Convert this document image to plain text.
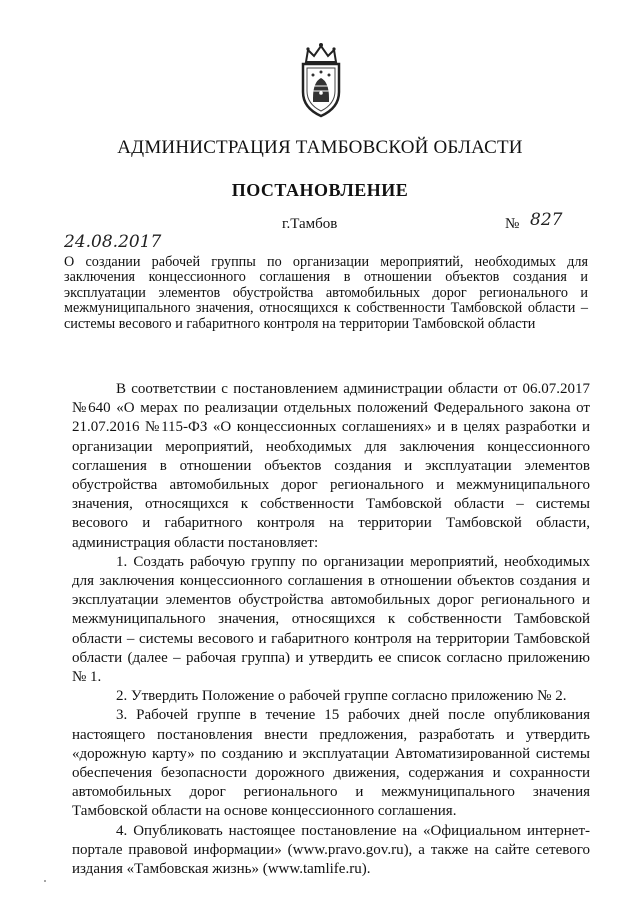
АДМИНИСТРАЦИЯ ТАМБОВСКОЙ ОБЛАСТИ
ПОСТАНОВЛЕНИЕ
г.Тамбов	№ 827
24.08.2017
О создании рабочей группы по организации мероприятий, необходимых для заключения концессионного соглашения в отношении объектов создания и эксплуатации элементов обустройства автомобильных дорог регионального и межмуниципального значения, относящихся к собственности Тамбовской области – системы весового и габаритного контроля на территории Тамбовской области

В соответствии с постановлением администрации области от 06.07.2017 №640 «О мерах по реализации отдельных положений Федерального закона от 21.07.2016 №115-ФЗ «О концессионных соглашениях» и в целях разработки и организации мероприятий, необходимых для заключения концессионного соглашения в отношении объектов создания и эксплуатации элементов обустройства автомобильных дорог регионального и межмуниципального значения, относящихся к собственности Тамбовской области – системы весового и габаритного контроля на территории Тамбовской области, администрация области постановляет:

1. Создать рабочую группу по организации мероприятий, необходимых для заключения концессионного соглашения в отношении объектов создания и эксплуатации элементов обустройства автомобильных дорог регионального и межмуниципального значения, относящихся к собственности Тамбовской области – системы весового и габаритного контроля на территории Тамбовской области (далее – рабочая группа) и утвердить ее список согласно приложению № 1.

2. Утвердить Положение о рабочей группе согласно приложению № 2.

3. Рабочей группе в течение 15 рабочих дней после опубликования настоящего постановления внести предложения, разработать и утвердить «дорожную карту» по созданию и эксплуатации Автоматизированной системы обеспечения безопасности дорожного движения, содержания и сохранности автомобильных дорог регионального и межмуниципального значения Тамбовской области на основе концессионного соглашения.

4. Опубликовать настоящее постановление на «Официальном интернет-портале правовой информации» (www.pravo.gov.ru), а также на сайте сетевого издания «Тамбовская жизнь» (www.tamlife.ru).
